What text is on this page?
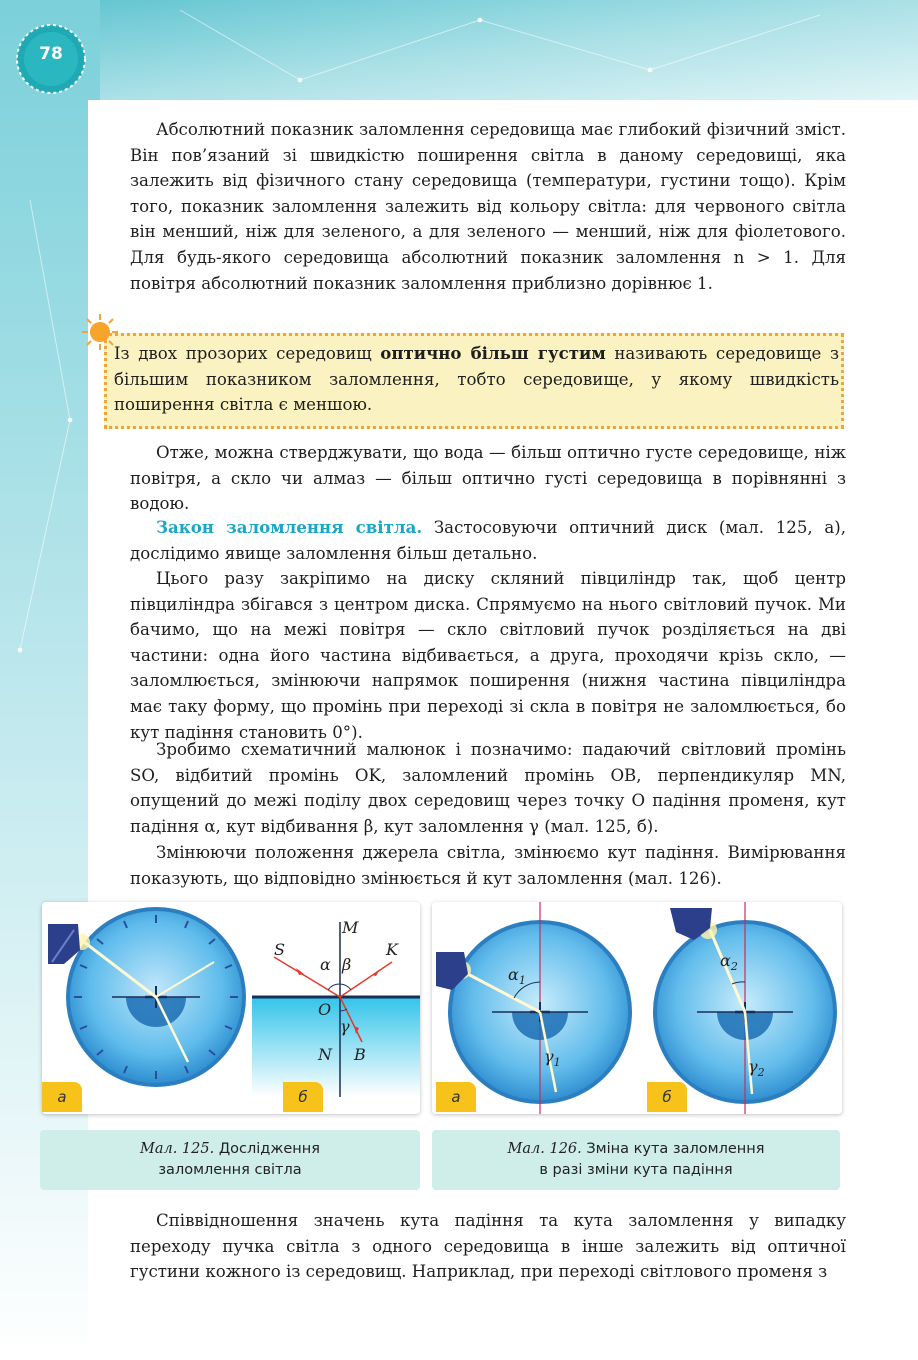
78

Абсолютний показник заломлення середовища має глибокий фізичний зміст. Він пов’язаний зі швидкістю поширення світла в даному середовищі, яка залежить від фізичного стану середовища (температури, густини тощо). Крім того, показник заломлення залежить від кольору світла: для червоного світла він менший, ніж для зеленого, а для зеленого — менший, ніж для фіолетового. Для будь-якого середовища абсолютний показник заломлення n > 1. Для повітря абсолютний показник заломлення приблизно дорівнює 1.

Із двох прозорих середовищ оптично більш густим називають середовище з більшим показником заломлення, тобто середовище, у якому швидкість поширення світла є меншою.

Отже, можна стверджувати, що вода — більш оптично густе середовище, ніж повітря, а скло чи алмаз — більш оптично густі середовища в порівнянні з водою.

Закон заломлення світла. Застосовуючи оптичний диск (мал. 125, а), дослідимо явище заломлення більш детально.

Цього разу закріпимо на диску скляний півциліндр так, щоб центр півциліндра збігався з центром диска. Спрямуємо на нього світловий пучок. Ми бачимо, що на межі повітря — скло світловий пучок розділяється на дві частини: одна його частина відбивається, а друга, проходячи крізь скло, — заломлюється, змінюючи напрямок поширення (нижня частина півциліндра має таку форму, що промінь при переході зі скла в повітря не заломлюється, бо кут падіння становить 0°).

Зробимо схематичний малюнок і позначимо: падаючий світловий промінь SO, відбитий промінь OK, заломлений промінь OB, перпендикуляр MN, опущений до межі поділу двох середовищ через точку O падіння променя, кут падіння α, кут відбивання β, кут заломлення γ (мал. 125, б).

Змінюючи положення джерела світла, змінюємо кут падіння. Вимірювання показують, що відповідно змінюється й кут заломлення (мал. 126).

M
S	K
α β
O
γ
N B
а	б
Мал. 125. Дослідження
заломлення світла
$\alpha_1$
$\gamma_1$
$\alpha_2$
$\gamma_2$
а	б
Мал. 126. Зміна кута заломлення
в разі зміни кута падіння

Співвідношення значень кута падіння та кута заломлення у випадку переходу пучка світла з одного середовища в інше залежить від оптичної густини кожного із середовищ. Наприклад, при переході світлового променя з
